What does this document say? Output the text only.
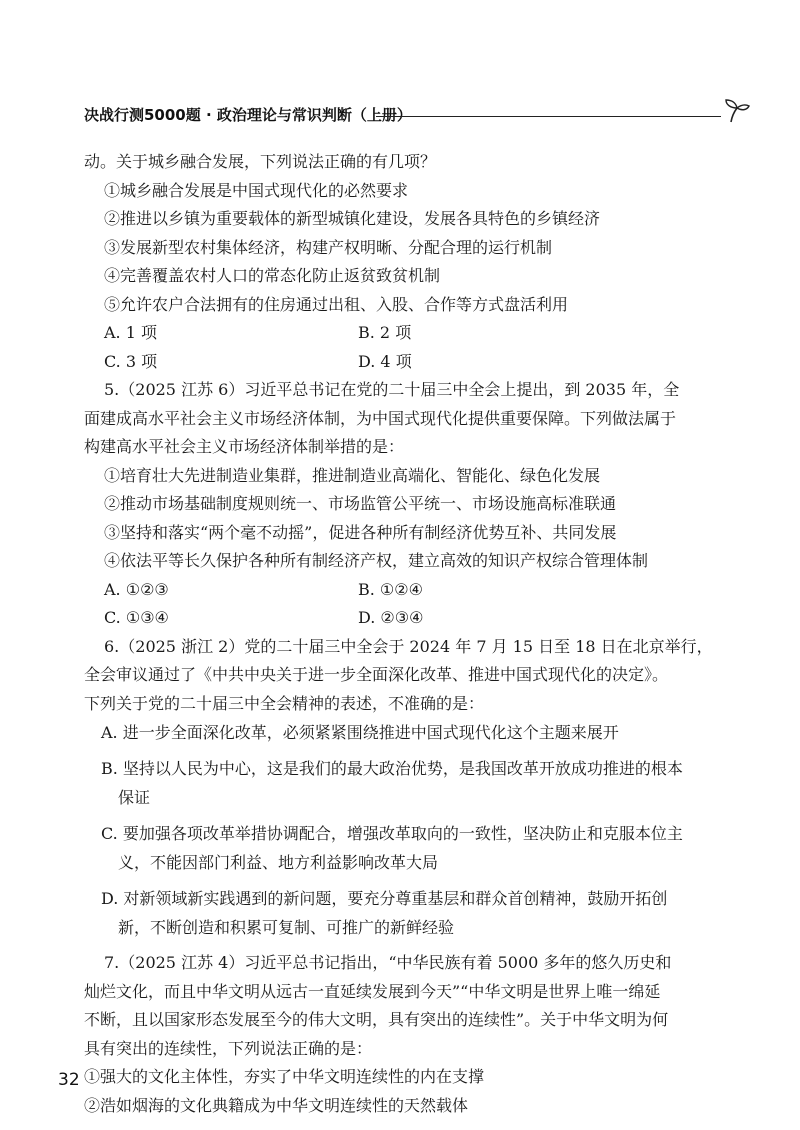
决战行测5000题 · 政治理论与常识判断（上册）
动。关于城乡融合发展，下列说法正确的有几项？
①城乡融合发展是中国式现代化的必然要求
②推进以乡镇为重要载体的新型城镇化建设，发展各具特色的乡镇经济
③发展新型农村集体经济，构建产权明晰、分配合理的运行机制
④完善覆盖农村人口的常态化防止返贫致贫机制
⑤允许农户合法拥有的住房通过出租、入股、合作等方式盘活利用
A. 1 项	B. 2 项
C. 3 项	D. 4 项
5.（2025 江苏 6）习近平总书记在党的二十届三中全会上提出，到 2035 年，全
面建成高水平社会主义市场经济体制，为中国式现代化提供重要保障。下列做法属于
构建高水平社会主义市场经济体制举措的是：
①培育壮大先进制造业集群，推进制造业高端化、智能化、绿色化发展
②推动市场基础制度规则统一、市场监管公平统一、市场设施高标准联通
③坚持和落实“两个毫不动摇”，促进各种所有制经济优势互补、共同发展
④依法平等长久保护各种所有制经济产权，建立高效的知识产权综合管理体制
A. ①②③	B. ①②④
C. ①③④	D. ②③④
6.（2025 浙江 2）党的二十届三中全会于 2024 年 7 月 15 日至 18 日在北京举行，
全会审议通过了《中共中央关于进一步全面深化改革、推进中国式现代化的决定》。
下列关于党的二十届三中全会精神的表述，不准确的是：
A. 进一步全面深化改革，必须紧紧围绕推进中国式现代化这个主题来展开
B. 坚持以人民为中心，这是我们的最大政治优势，是我国改革开放成功推进的根本保证
C. 要加强各项改革举措协调配合，增强改革取向的一致性，坚决防止和克服本位主义，不能因部门利益、地方利益影响改革大局
D. 对新领域新实践遇到的新问题，要充分尊重基层和群众首创精神，鼓励开拓创新，不断创造和积累可复制、可推广的新鲜经验
7.（2025 江苏 4）习近平总书记指出，“中华民族有着 5000 多年的悠久历史和
灿烂文化，而且中华文明从远古一直延续发展到今天”“中华文明是世界上唯一绵延
不断，且以国家形态发展至今的伟大文明，具有突出的连续性”。关于中华文明为何
具有突出的连续性，下列说法正确的是：
①强大的文化主体性，夯实了中华文明连续性的内在支撑
②浩如烟海的文化典籍成为中华文明连续性的天然载体
32
